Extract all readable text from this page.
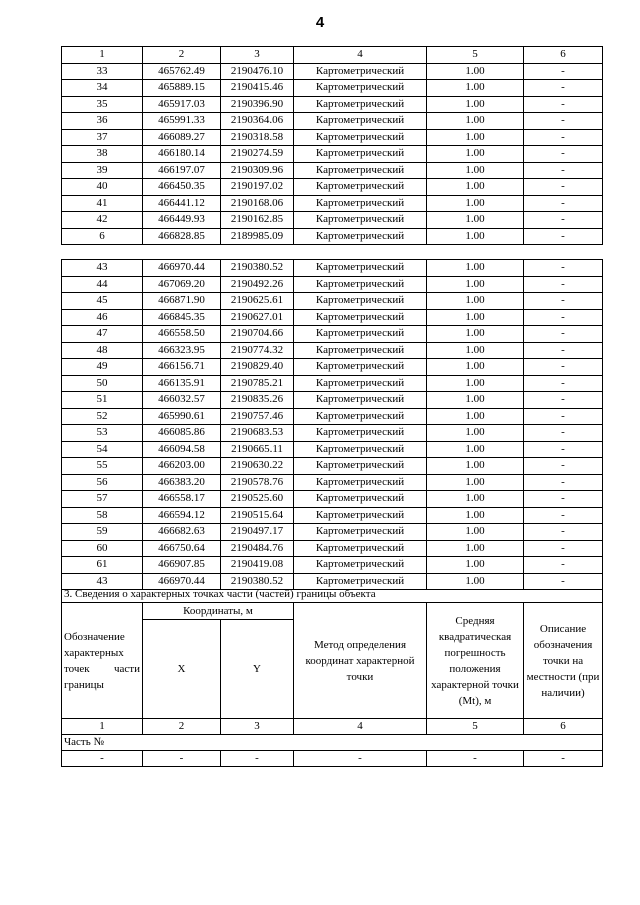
4
1	2	3	4	5	6
33	465762.49	2190476.10	Картометрический	1.00	-
34	465889.15	2190415.46	Картометрический	1.00	-
35	465917.03	2190396.90	Картометрический	1.00	-
36	465991.33	2190364.06	Картометрический	1.00	-
37	466089.27	2190318.58	Картометрический	1.00	-
38	466180.14	2190274.59	Картометрический	1.00	-
39	466197.07	2190309.96	Картометрический	1.00	-
40	466450.35	2190197.02	Картометрический	1.00	-
41	466441.12	2190168.06	Картометрический	1.00	-
42	466449.93	2190162.85	Картометрический	1.00	-
6	466828.85	2189985.09	Картометрический	1.00	-
43	466970.44	2190380.52	Картометрический	1.00	-
44	467069.20	2190492.26	Картометрический	1.00	-
45	466871.90	2190625.61	Картометрический	1.00	-
46	466845.35	2190627.01	Картометрический	1.00	-
47	466558.50	2190704.66	Картометрический	1.00	-
48	466323.95	2190774.32	Картометрический	1.00	-
49	466156.71	2190829.40	Картометрический	1.00	-
50	466135.91	2190785.21	Картометрический	1.00	-
51	466032.57	2190835.26	Картометрический	1.00	-
52	465990.61	2190757.46	Картометрический	1.00	-
53	466085.86	2190683.53	Картометрический	1.00	-
54	466094.58	2190665.11	Картометрический	1.00	-
55	466203.00	2190630.22	Картометрический	1.00	-
56	466383.20	2190578.76	Картометрический	1.00	-
57	466558.17	2190525.60	Картометрический	1.00	-
58	466594.12	2190515.64	Картометрический	1.00	-
59	466682.63	2190497.17	Картометрический	1.00	-
60	466750.64	2190484.76	Картометрический	1.00	-
61	466907.85	2190419.08	Картометрический	1.00	-
43	466970.44	2190380.52	Картометрический	1.00	-
3. Сведения о характерных точках части (частей) границы объекта					
Обозначение характерных точек части границы	Координаты, м		Метод определения координат характерной точки	Средняя квадратическая погрешность положения характерной точки (Mt), м	Описание обозначения точки на местности (при наличии)
	X	Y			
1	2	3	4	5	6
Часть №					
-	-	-	-	-	-
